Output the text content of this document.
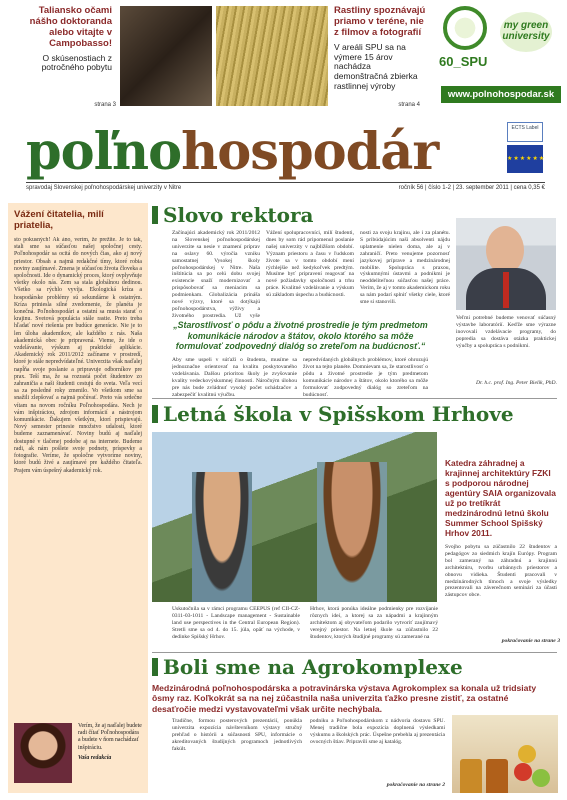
Taliansko očami nášho doktoranda alebo vitajte v Campobasso!
O skúsenostiach z potročného pobytu
strana 3
Rastliny spoznávajú priamo v teréne, nie z filmov a fotografií
V areáli SPU sa na výmere 15 árov nachádza demonštračná zbierka rastlinnej výroby
strana 4
60_SPU
my green university
www.polnohospodar.sk
poľnohospodár	ECTS Label
★★★★★★
spravodaj Slovenskej poľnohospodárskej univerzity v Nitre	ročník 56 | číslo 1-2 | 23. september 2011 | cena 0,35 €
Vážení čitatelia, milí priatelia,

sto pokusných! Ak áno, verím, že prežite. Je to tak, stali sme sa súčasťou našej spoločnej cesty. Poľnohospodár sa ocitá do nových čias, ako aj nový priestor. Obsah a najmä redakčné tímy, ktoré robia noviny zaujímavé. Zmena je súčasťou života človeka a spoločnosti. Ide o dynamický proces, ktorý ovplyvňuje všetky okolo nás. Zem sa stala globálnou dedinou. Všetko sa rýchlo vyvíja. Ekologická kríza a hospodárske problémy sú sekundárne k ostatným. Kríza priniesla silné zvedomenie, že planéta je konečná. Poľnohospodári a ostatní sa musia starať o krajinu. Svetová populácia stále rastie. Preto treba hľadať nové riešenia pre budúce generácie. Nie je to len úloha akademikov, ale každého z nás. Naša akademická obec je pripravená. Vieme, že ide o vzdelávanie, výskum aj praktické aplikácie. Akademický rok 2011/2012 začíname v prostredí, ktoré je stále nepredvídateľné. Univerzita však naďalej napĺňa svoje poslanie a pripravuje odborníkov pre prax. Teší ma, že sa rozrastá počet študentov zo zahraničia a naši študenti cestujú do sveta. Veľa vecí sa za posledné roky zmenilo. Vo všetkom sme sa snažili zlepšovať a najmä počúvať. Preto vás srdečne vítam na novom ročníku Poľnohospodára. Nech je vám inšpiráciou, zdrojom informácií a nástrojom komunikácie. Ďakujem všetkým, ktorí prispievajú. Nový semester prinesie množstvo udalostí, ktoré budeme zaznamenávať. Noviny budú aj naďalej dostupné v tlačenej podobe aj na internete. Budeme radi, ak nám pošlete svoje podnety, príspevky a fotografie. Veríme, že spoločne vytvoríme noviny, ktoré budú živé a zaujímavé pre každého čitateľa. Prajem vám úspešný akademický rok.

Verím, že aj naďalej budete radi čítať Poľnohospodára a budete v ňom nachádzať inšpiráciu.
Vaša redakcia
Slovo rektora
Začínajúci akademický rok 2011/2012 na Slovenskej poľnohospodárskej univerzite sa nesie v znamení príprav na oslavy 60. výročia vzniku samostatnej Vysokej školy poľnohospodárskej v Nitre. Naša inštitúcia sa po celú dobu svojej existencie snaží modernizovať a prispôsobovať sa meniacim sa podmienkam. Globalizácia prináša nové výzvy, ktoré sa dotýkajú poľnohospodárstva, výživy a životného prostredia. Už vyše
Vážení spolupracovníci, milí študenti, dnes by som rád pripomenul poslanie našej univerzity v najbližšom období. Význam priestoru a času v ľudskom živote sa v tomto období mení rýchlejšie než kedykoľvek predtým. Musíme byť pripravení reagovať na nové požiadavky spoločnosti a trhu práce. Kvalitné vzdelávanie a výskum sú základom úspechu a budúcnosti.
nosti za svoju krajinu, ale i za planétu. S pribúdajúcim naši absolventi nájdu uplatnenie nielen doma, ale aj v zahraničí. Preto venujeme pozornosť jazykovej príprave a medzinárodnej mobilite. Spolupráca s praxou, výskumnými ústavmi a podnikmi je neoddeliteľnou súčasťou našej práce. Verím, že aj v tomto akademickom roku sa nám podarí splniť všetky ciele, ktoré sme si stanovili.
„Starostlivosť o pôdu a životné prostredie je tým predmetom komunikácie národov a štátov, okolo ktorého sa môže formulovať zodpovedný dialóg so zreteľom na budúcnosť.“
Aby sme uspeli v súťaži o študenta, musíme sa jednoznačne orientovať na kvalitu poskytovaného vzdelávania. Dalšou prioritou školy je zvyšovanie kvality vedeckovýskumnej činnosti. Náročným úlohou pre nás bude zvládnuť vysoký počet uchádzačov a zabezpečiť kvalitnú výučbu.
nepredvídaných globálnych problémov, ktoré ohrozujú život na tejto planéte. Domnievam sa, že starostlivosť o pôdu a životné prostredie je tým predmetom komunikácie národov a štátov, okolo ktorého sa môže formulovať zodpovedný dialóg so zreteľom na budúcnosť.
Veľmi potrebné budeme venovať súčasný výstavbe laboratórií. Keďže sme výrazne inovovali vzdelávacie programy, do popredia sa dostáva otázka praktickej výučby a spolupráca s podnikmi.
Dr. h.c. prof. Ing. Peter Bielik, PhD.
Letná škola v Spišskom Hrhove
Katedra záhradnej a krajinnej architektúry FZKI s podporou národnej agentúry SAIA organizovala už po tretíkrát medzinárodnú letnú školu Summer School Spišský Hrhov 2011.
Svojho pobytu sa zúčastnilo 22 študentov a pedagógov zo siedmich krajín Európy. Program bol zameraný na záhradnú a krajinnú architektúru, tvorbu urbánnych priestorov a obnovu vidieka. Študenti pracovali v medzinárodných tímoch a svoje výsledky prezentovali na záverečnom seminári za účasti zástupcov obce.
Uskutočnila sa v rámci programu CEEPUS (ref CII-CZ-0311-03-1011 - Landscape management - Sustainable land use perspectives in the Central European Region). Stretli sme sa od 4. do 15. júla, opäť na východe, v dedinke Spišský Hrhov.
Hrhov, ktorá ponúka ideálne podmienky pre rozvíjanie rôznych ideí, a ktorej sa za nápadmi a krajinným architektom aj obyvateľom podarilo vytvoriť zaujímavý verejný priestor. Na letnej škole sa zúčastnilo 22 študentov, ktorých študijné programy sú zamerané na
pokračovanie na strane 3
Boli sme na Agrokomplexe
Medzinárodná poľnohospodárska a potravinárska výstava Agrokomplex sa konala už tridsiaty ôsmy raz. Koľkokrát sa na nej zúčastnila naša univerzita ťažko presne zistiť, za ostatné desaťročie medzi vystavovateľmi však určite nechýbala.
Tradične, formou posterových prezentácií, ponúkla univerzita expozícia návštevníkom výstavy stručný prehľad o histórii a súčasnosti SPU, informácie o akreditovaných študijných programoch jednotlivých fakúlt.
podniku a Poľnohospodárskom z nádvoria dostavu SPU. Menej tradične bola expozícia doplnená výsledkami výskumu a školských prác. Úspešne prebehla aj prezentácia ovocných štiav. Pripravili sme aj katalóg.
pokračovanie na strane 2
